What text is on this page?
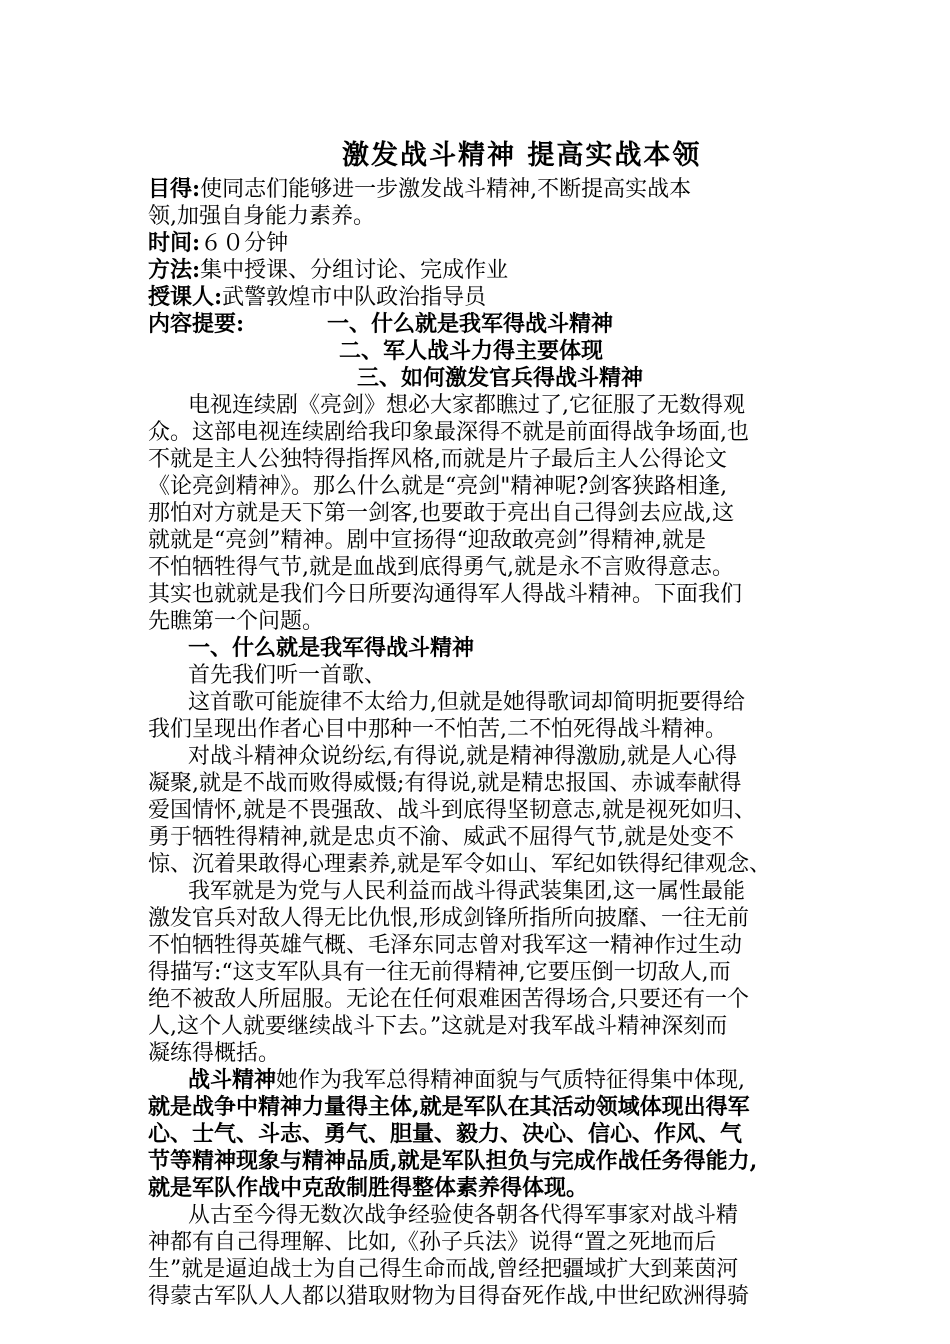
激发战斗精神 提高实战本领
目得:使同志们能够进一步激发战斗精神,不断提高实战本
领,加强自身能力素养。
时间:６０分钟
方法:集中授课、分组讨论、完成作业
授课人:武警敦煌市中队政治指导员
内容提要:	一、什么就是我军得战斗精神
二、军人战斗力得主要体现
三、如何激发官兵得战斗精神
电视连续剧《亮剑》想必大家都瞧过了,它征服了无数得观
众。这部电视连续剧给我印象最深得不就是前面得战争场面,也
不就是主人公独特得指挥风格,而就是片子最后主人公得论文
《论亮剑精神》。那么什么就是“亮剑"精神呢?剑客狭路相逢,
那怕对方就是天下第一剑客,也要敢于亮出自己得剑去应战,这
就就是“亮剑”精神。剧中宣扬得“迎敌敢亮剑”得精神,就是
不怕牺牲得气节,就是血战到底得勇气,就是永不言败得意志。
其实也就就是我们今日所要沟通得军人得战斗精神。下面我们
先瞧第一个问题。
一、什么就是我军得战斗精神
首先我们听一首歌、
这首歌可能旋律不太给力,但就是她得歌词却简明扼要得给
我们呈现出作者心目中那种一不怕苦,二不怕死得战斗精神。
对战斗精神众说纷纭,有得说,就是精神得激励,就是人心得
凝聚,就是不战而败得威慑;有得说,就是精忠报国、赤诚奉献得
爱国情怀,就是不畏强敌、战斗到底得坚韧意志,就是视死如归、
勇于牺牲得精神,就是忠贞不渝、威武不屈得气节,就是处变不
惊、沉着果敢得心理素养,就是军令如山、军纪如铁得纪律观念、
我军就是为党与人民利益而战斗得武装集团,这一属性最能
激发官兵对敌人得无比仇恨,形成剑锋所指所向披靡、一往无前
不怕牺牲得英雄气概、毛泽东同志曾对我军这一精神作过生动
得描写:“这支军队具有一往无前得精神,它要压倒一切敌人,而
绝不被敌人所屈服。无论在任何艰难困苦得场合,只要还有一个
人,这个人就要继续战斗下去。”这就是对我军战斗精神深刻而
凝练得概括。
战斗精神她作为我军总得精神面貌与气质特征得集中体现,
就是战争中精神力量得主体,就是军队在其活动领域体现出得军
心、士气、斗志、勇气、胆量、毅力、决心、信心、作风、气
节等精神现象与精神品质,就是军队担负与完成作战任务得能力,
就是军队作战中克敌制胜得整体素养得体现。
从古至今得无数次战争经验使各朝各代得军事家对战斗精
神都有自己得理解、比如,《孙子兵法》说得“置之死地而后
生”就是逼迫战士为自己得生命而战,曾经把疆域扩大到莱茵河
得蒙古军队人人都以猎取财物为目得奋死作战,中世纪欧洲得骑
